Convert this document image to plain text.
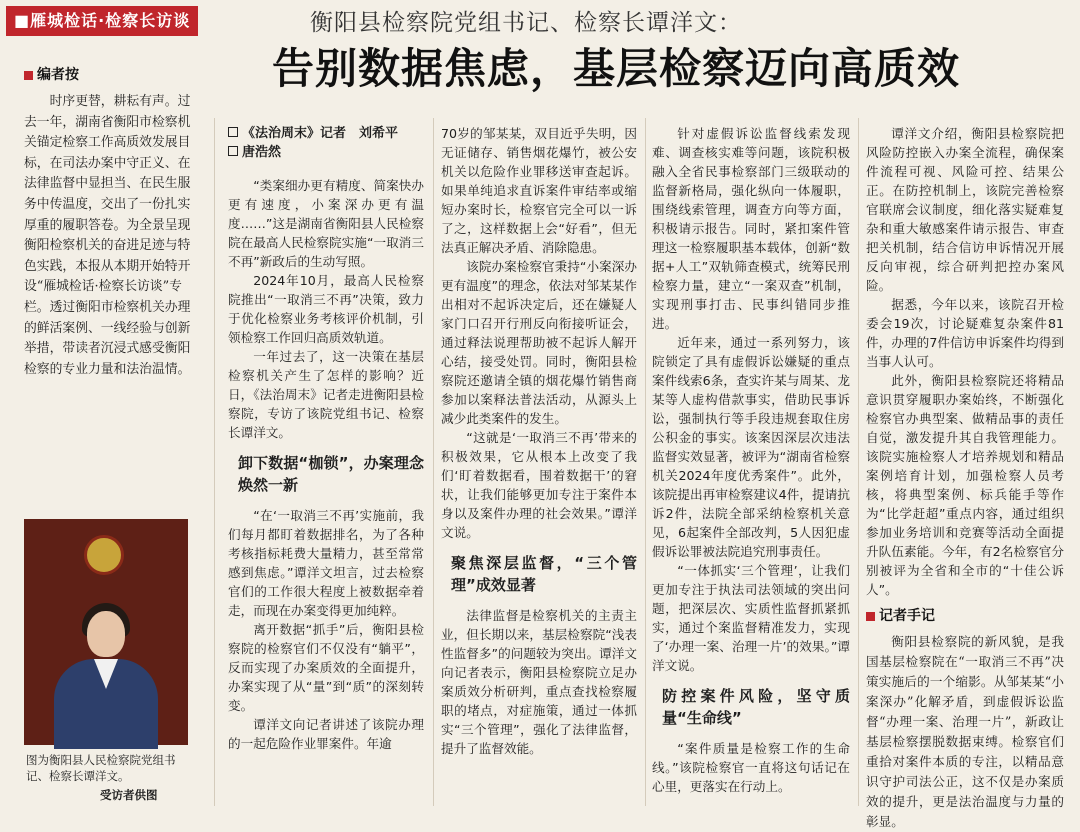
■雁城检话·检察长访谈	衡阳县检察院党组书记、检察长谭洋文：
告别数据焦虑，基层检察迈向高质效
编者按

时序更替，耕耘有声。过去一年，湖南省衡阳市检察机关锚定检察工作高质效发展目标，在司法办案中守正义、在法律监督中显担当、在民生服务中传温度，交出了一份扎实厚重的履职答卷。为全景呈现衡阳检察机关的奋进足迹与特色实践，本报从本期开始特开设“雁城检话·检察长访谈”专栏。透过衡阳市检察机关办理的鲜活案例、一线经验与创新举措，带读者沉浸式感受衡阳检察的专业力量和法治温情。

图为衡阳县人民检察院党组书记、检察长谭洋文。
受访者供图
《法治周末》记者　刘希平
唐浩然

“类案细办更有精度、简案快办更有速度，小案深办更有温度……”这是湖南省衡阳县人民检察院在最高人民检察院实施“一取消三不再”新政后的生动写照。

2024年10月，最高人民检察院推出“一取消三不再”决策，致力于优化检察业务考核评价机制，引领检察工作回归高质效轨道。

一年过去了，这一决策在基层检察机关产生了怎样的影响？近日，《法治周末》记者走进衡阳县检察院，专访了该院党组书记、检察长谭洋文。

卸下数据“枷锁”，办案理念焕然一新

“在‘一取消三不再’实施前，我们每月都盯着数据排名，为了各种考核指标耗费大量精力，甚至常常感到焦虑。”谭洋文坦言，过去检察官们的工作很大程度上被数据牵着走，而现在办案变得更加纯粹。

离开数据“抓手”后，衡阳县检察院的检察官们不仅没有“躺平”，反而实现了办案质效的全面提升，办案实现了从“量”到“质”的深刻转变。

谭洋文向记者讲述了该院办理的一起危险作业罪案件。年逾

70岁的邹某某，双目近乎失明，因无证储存、销售烟花爆竹，被公安机关以危险作业罪移送审查起诉。如果单纯追求直诉案件审结率或缩短办案时长，检察官完全可以一诉了之，这样数据上会“好看”，但无法真正解决矛盾、消除隐患。

该院办案检察官秉持“小案深办更有温度”的理念，依法对邹某某作出相对不起诉决定后，还在嫌疑人家门口召开行刑反向衔接听证会，通过释法说理帮助被不起诉人解开心结，接受处罚。同时，衡阳县检察院还邀请全镇的烟花爆竹销售商参加以案释法普法活动，从源头上减少此类案件的发生。

“这就是‘一取消三不再’带来的积极效果，它从根本上改变了我们‘盯着数据看，围着数据干’的窘状，让我们能够更加专注于案件本身以及案件办理的社会效果。”谭洋文说。

聚焦深层监督，“三个管理”成效显著

法律监督是检察机关的主责主业，但长期以来，基层检察院“浅表性监督多”的问题较为突出。谭洋文向记者表示，衡阳县检察院立足办案质效分析研判，重点查找检察履职的堵点，对症施策，通过一体抓实“三个管理”，强化了法律监督，提升了监督效能。

针对虚假诉讼监督线索发现难、调查核实难等问题，该院积极融入全省民事检察部门三级联动的监督新格局，强化纵向一体履职，围绕线索管理，调查方向等方面，积极请示报告。同时，紧扣案件管理这一检察履职基本载体，创新“数据+人工”双轨筛查模式，统筹民刑检察力量，建立“一案双查”机制，实现刑事打击、民事纠错同步推进。

近年来，通过一系列努力，该院锁定了具有虚假诉讼嫌疑的重点案件线索6条，查实许某与周某、龙某等人虚构借款事实，借助民事诉讼，强制执行等手段违规套取住房公积金的事实。该案因深层次违法监督实效显著，被评为“湖南省检察机关2024年度优秀案件”。此外，该院提出再审检察建议4件，提请抗诉2件，法院全部采纳检察机关意见，6起案件全部改判，5人因犯虚假诉讼罪被法院追究刑事责任。

“一体抓实‘三个管理’，让我们更加专注于执法司法领域的突出问题，把深层次、实质性监督抓紧抓实，通过个案监督精准发力，实现了‘办理一案、治理一片’的效果。”谭洋文说。

防控案件风险，坚守质量“生命线”

“案件质量是检察工作的生命线。”该院检察官一直将这句话记在心里，更落实在行动上。

谭洋文介绍，衡阳县检察院把风险防控嵌入办案全流程，确保案件流程可视、风险可控、结果公正。在防控机制上，该院完善检察官联席会议制度，细化落实疑难复杂和重大敏感案件请示报告、审查把关机制，结合信访申诉情况开展反向审视，综合研判把控办案风险。

据悉，今年以来，该院召开检委会19次，讨论疑难复杂案件81件，办理的7件信访申诉案件均得到当事人认可。

此外，衡阳县检察院还将精品意识贯穿履职办案始终，不断强化检察官办典型案、做精品事的责任自觉，激发提升其自我管理能力。该院实施检察人才培养规划和精品案例培育计划，加强检察人员考核，将典型案例、标兵能手等作为“比学赶超”重点内容，通过组织参加业务培训和竞赛等活动全面提升队伍素能。今年，有2名检察官分别被评为全省和全市的“十佳公诉人”。

记者手记

衡阳县检察院的新风貌，是我国基层检察院在“一取消三不再”决策实施后的一个缩影。从邹某某“小案深办”化解矛盾，到虚假诉讼监督“办理一案、治理一片”，新政让基层检察摆脱数据束缚。检察官们重拾对案件本质的专注，以精品意识守护司法公正，这不仅是办案质效的提升，更是法治温度与力量的彰显。
